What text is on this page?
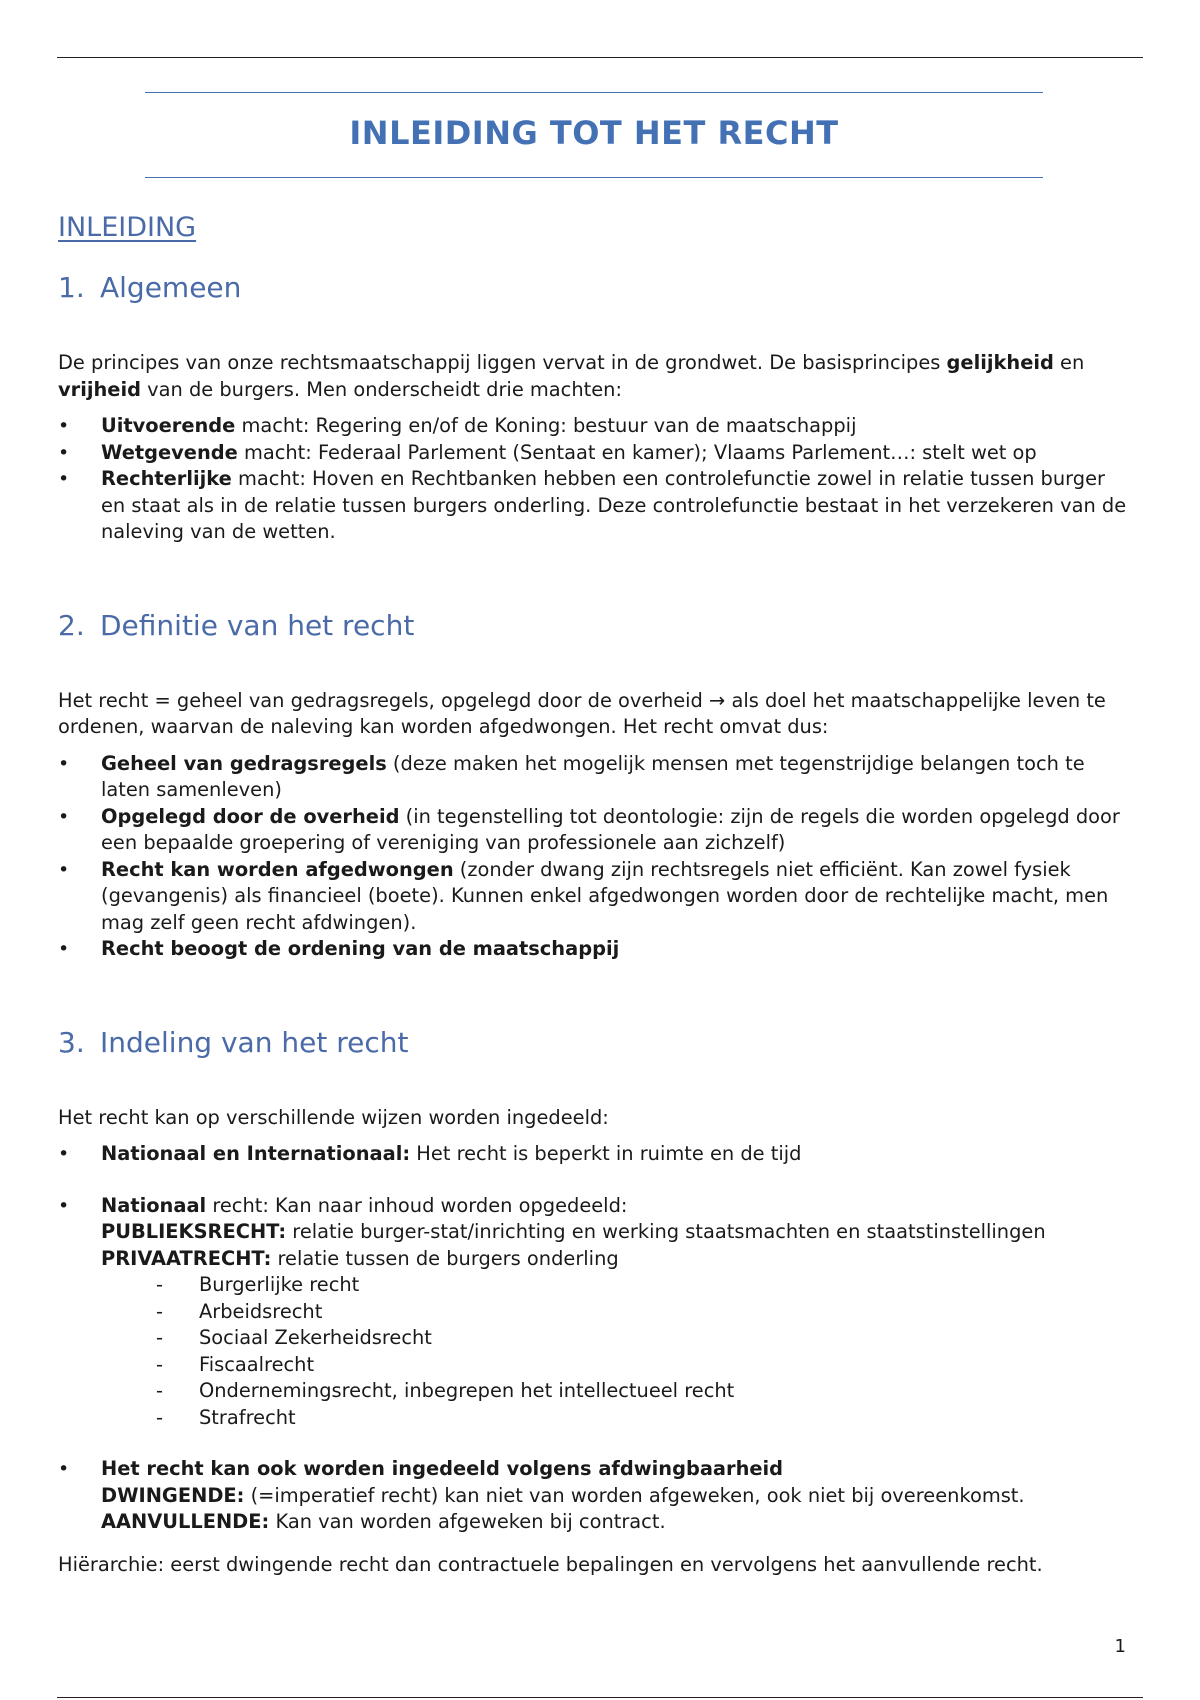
INLEIDING TOT HET RECHT
INLEIDING
1. Algemeen

De principes van onze rechtsmaatschappij liggen vervat in de grondwet. De basisprincipes gelijkheid en vrijheid van de burgers. Men onderscheidt drie machten:

• Uitvoerende macht: Regering en/of de Koning: bestuur van de maatschappij
• Wetgevende macht: Federaal Parlement (Sentaat en kamer); Vlaams Parlement…: stelt wet op
• Rechterlijke macht: Hoven en Rechtbanken hebben een controlefunctie zowel in relatie tussen burger en staat als in de relatie tussen burgers onderling. Deze controlefunctie bestaat in het verzekeren van de naleving van de wetten.
2. Definitie van het recht

Het recht = geheel van gedragsregels, opgelegd door de overheid → als doel het maatschappelijke leven te ordenen, waarvan de naleving kan worden afgedwongen. Het recht omvat dus:

• Geheel van gedragsregels (deze maken het mogelijk mensen met tegenstrijdige belangen toch te laten samenleven)
• Opgelegd door de overheid (in tegenstelling tot deontologie: zijn de regels die worden opgelegd door een bepaalde groepering of vereniging van professionele aan zichzelf)
• Recht kan worden afgedwongen (zonder dwang zijn rechtsregels niet efficiënt. Kan zowel fysiek (gevangenis) als financieel (boete). Kunnen enkel afgedwongen worden door de rechtelijke macht, men mag zelf geen recht afdwingen).
• Recht beoogt de ordening van de maatschappij
3. Indeling van het recht

Het recht kan op verschillende wijzen worden ingedeeld:

• Nationaal en Internationaal: Het recht is beperkt in ruimte en de tijd
• Nationaal recht: Kan naar inhoud worden opgedeeld:
PUBLIEKSRECHT: relatie burger-stat/inrichting en werking staatsmachten en staatstinstellingen
PRIVAATRECHT: relatie tussen de burgers onderling
- Burgerlijke recht
- Arbeidsrecht
- Sociaal Zekerheidsrecht
- Fiscaalrecht
- Ondernemingsrecht, inbegrepen het intellectueel recht
- Strafrecht
• Het recht kan ook worden ingedeeld volgens afdwingbaarheid
DWINGENDE: (=imperatief recht) kan niet van worden afgeweken, ook niet bij overeenkomst.
AANVULLENDE: Kan van worden afgeweken bij contract.

Hiërarchie: eerst dwingende recht dan contractuele bepalingen en vervolgens het aanvullende recht.

1
